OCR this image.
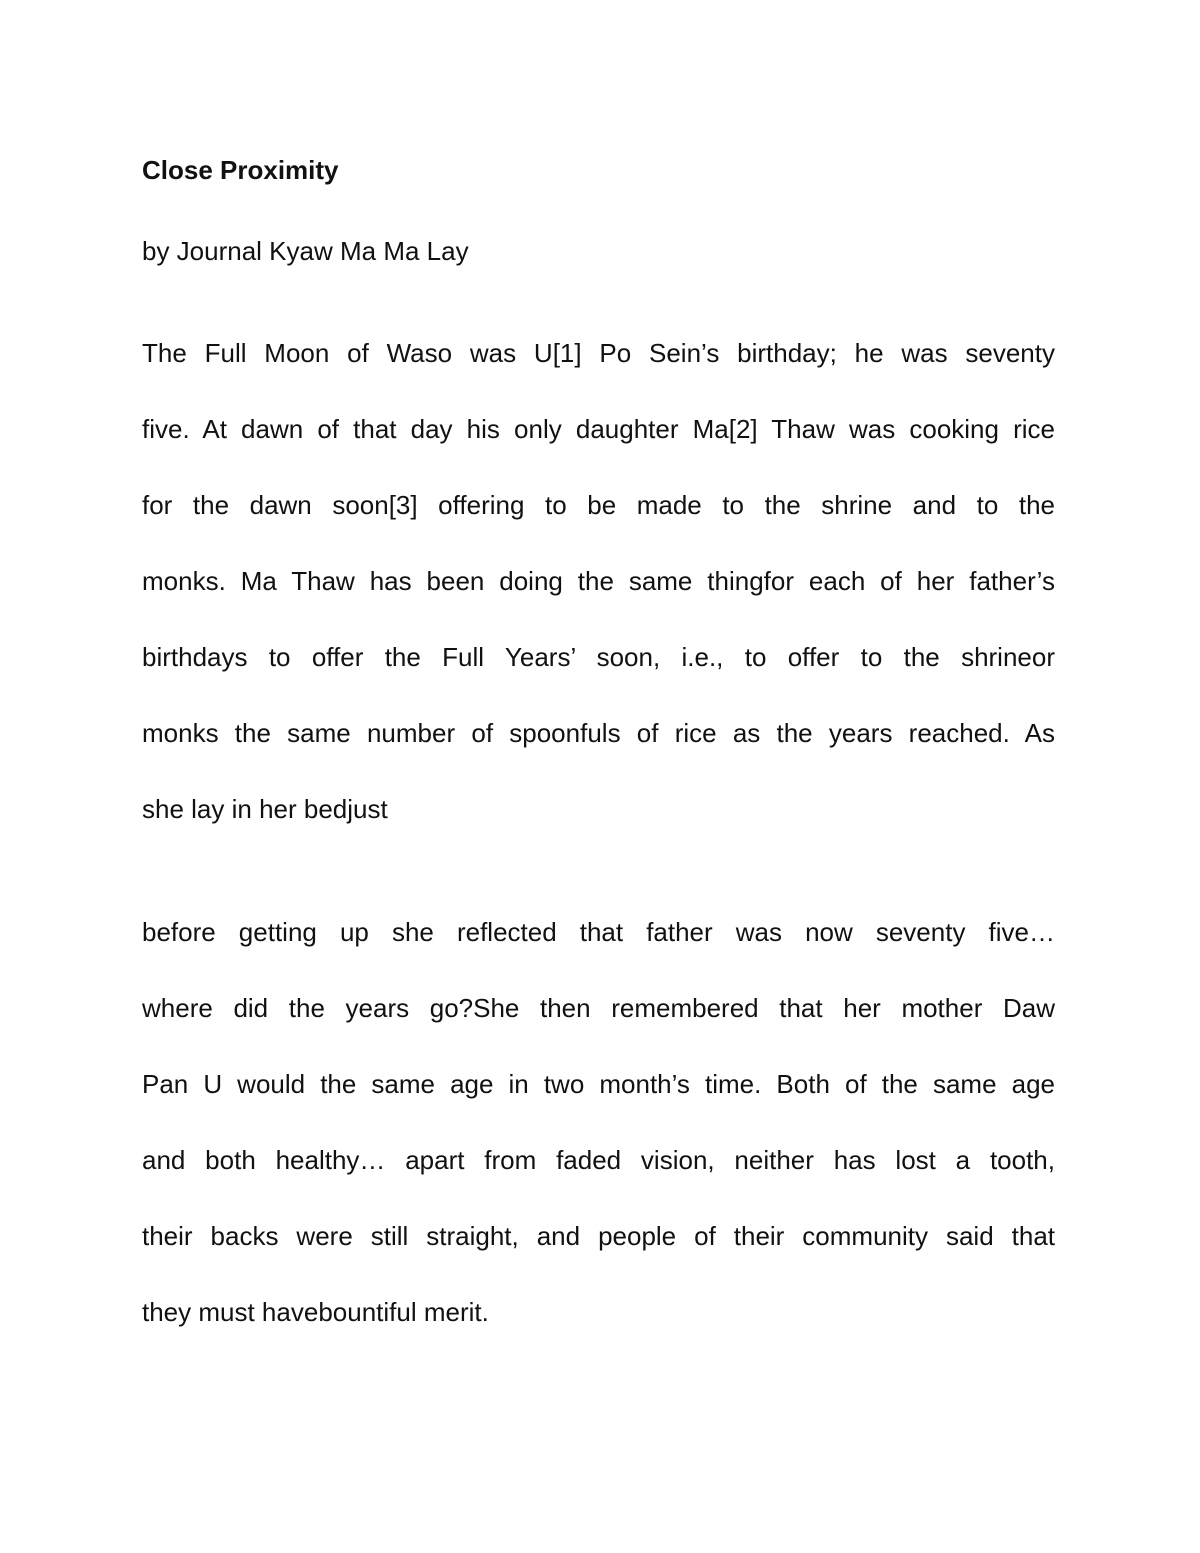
Close Proximity
by Journal Kyaw Ma Ma Lay
The Full Moon of Waso was U[1] Po Sein’s birthday; he was seventy
five. At dawn of that day his only daughter Ma[2] Thaw was cooking rice
for the dawn soon[3] offering to be made to the shrine and to the
monks. Ma Thaw has been doing the same thingfor each of her father’s
birthdays to offer the Full Years’ soon, i.e., to offer to the shrineor
monks the same number of spoonfuls of rice as the years reached. As
she lay in her bedjust
before getting up she reflected that father was now seventy five…
where did the years go?She then remembered that her mother Daw
Pan U would the same age in two month’s time. Both of the same age
and both healthy… apart from faded vision, neither has lost a tooth,
their backs were still straight, and people of their community said that
they must havebountiful merit.
